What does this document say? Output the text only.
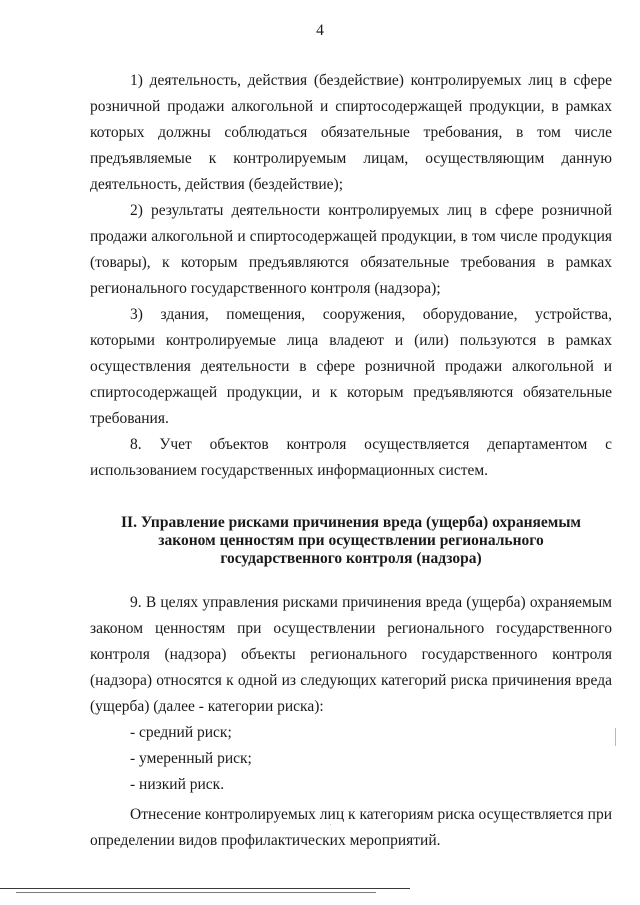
4

1) деятельность, действия (бездействие) контролируемых лиц в сфере розничной продажи алкогольной и спиртосодержащей продукции, в рамках которых должны соблюдаться обязательные требования, в том числе предъявляемые к контролируемым лицам, осуществляющим данную деятельность, действия (бездействие);

2) результаты деятельности контролируемых лиц в сфере розничной продажи алкогольной и спиртосодержащей продукции, в том числе продукция (товары), к которым предъявляются обязательные требования в рамках регионального государственного контроля (надзора);

3) здания, помещения, сооружения, оборудование, устройства, которыми контролируемые лица владеют и (или) пользуются в рамках осуществления деятельности в сфере розничной продажи алкогольной и спиртосодержащей продукции, и к которым предъявляются обязательные требования.

8. Учет объектов контроля осуществляется департаментом с использованием государственных информационных систем.

II. Управление рисками причинения вреда (ущерба) охраняемым
законом ценностям при осуществлении регионального
государственного контроля (надзора)

9. В целях управления рисками причинения вреда (ущерба) охраняемым законом ценностям при осуществлении регионального государственного контроля (надзора) объекты регионального государственного контроля (надзора) относятся к одной из следующих категорий риска причинения вреда (ущерба) (далее - категории риска):

- средний риск;

- умеренный риск;

- низкий риск.

Отнесение контролируемых лиц к категориям риска осуществляется при определении видов профилактических мероприятий.
